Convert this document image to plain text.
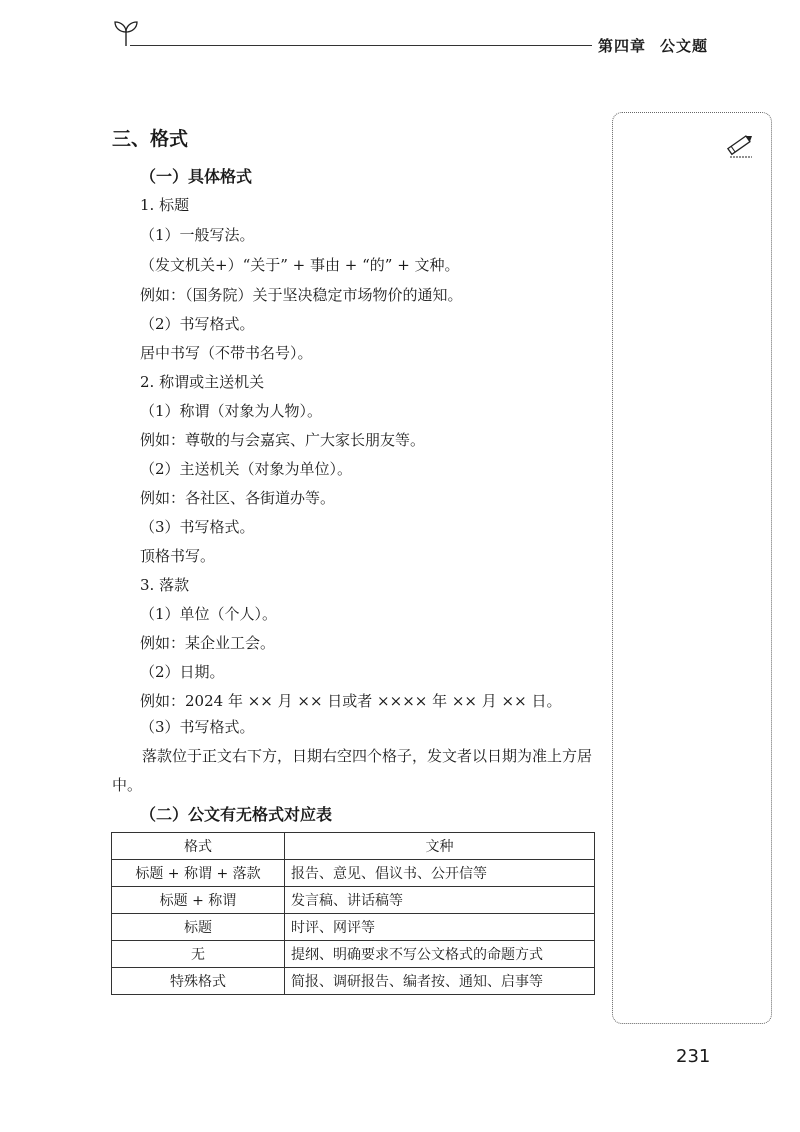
第四章 公文题
三、格式
（一）具体格式
1. 标题
（1）一般写法。
（发文机关+）“关于” + 事由 + “的” + 文种。
例如：（国务院）关于坚决稳定市场物价的通知。
（2）书写格式。
居中书写（不带书名号）。
2. 称谓或主送机关
（1）称谓（对象为人物）。
例如：尊敬的与会嘉宾、广大家长朋友等。
（2）主送机关（对象为单位）。
例如：各社区、各街道办等。
（3）书写格式。
顶格书写。
3. 落款
（1）单位（个人）。
例如：某企业工会。
（2）日期。
例如：2024 年 ×× 月 ×× 日或者 ×××× 年 ×× 月 ×× 日。
（3）书写格式。
落款位于正文右下方，日期右空四个格子，发文者以日期为准上方居中。
（二）公文有无格式对应表
格式	文种
标题 + 称谓 + 落款	报告、意见、倡议书、公开信等
标题 + 称谓	发言稿、讲话稿等
标题	时评、网评等
无	提纲、明确要求不写公文格式的命题方式
特殊格式	简报、调研报告、编者按、通知、启事等
231
